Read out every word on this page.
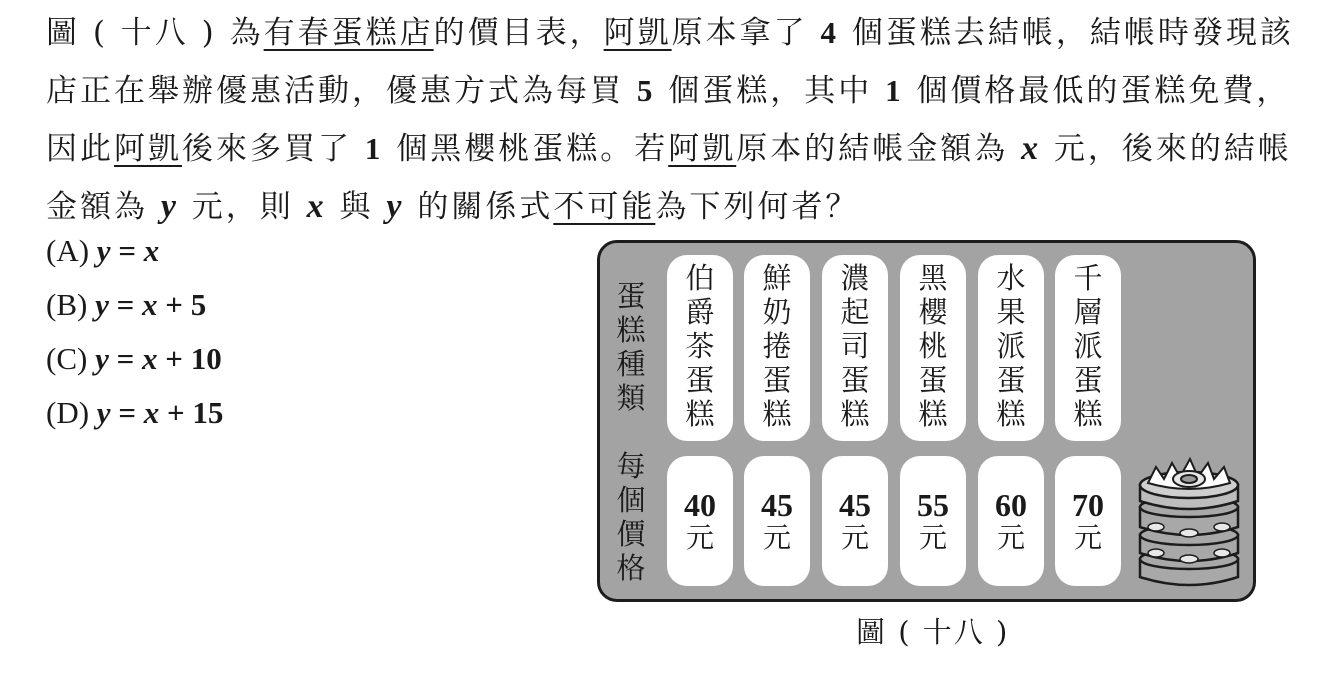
圖 ( 十八 ) 為有春蛋糕店的價目表，阿凱原本拿了 4 個蛋糕去結帳，結帳時發現該店正在舉辦優惠活動，優惠方式為每買 5 個蛋糕，其中 1 個價格最低的蛋糕免費，因此阿凱後來多買了 1 個黑櫻桃蛋糕。若阿凱原本的結帳金額為 x 元，後來的結帳金額為 y 元，則 x 與 y 的關係式不可能為下列何者？
(A) y = x
(B) y = x + 5
(C) y = x + 10
(D) y = x + 15
蛋
糕
種
類
每
個
價
格
伯
爵
茶
蛋
糕
鮮
奶
捲
蛋
糕
濃
起
司
蛋
糕
黑
櫻
桃
蛋
糕
水
果
派
蛋
糕
千
層
派
蛋
糕
40
元
45
元
45
元
55
元
60
元
70
元
圖 ( 十八 )
